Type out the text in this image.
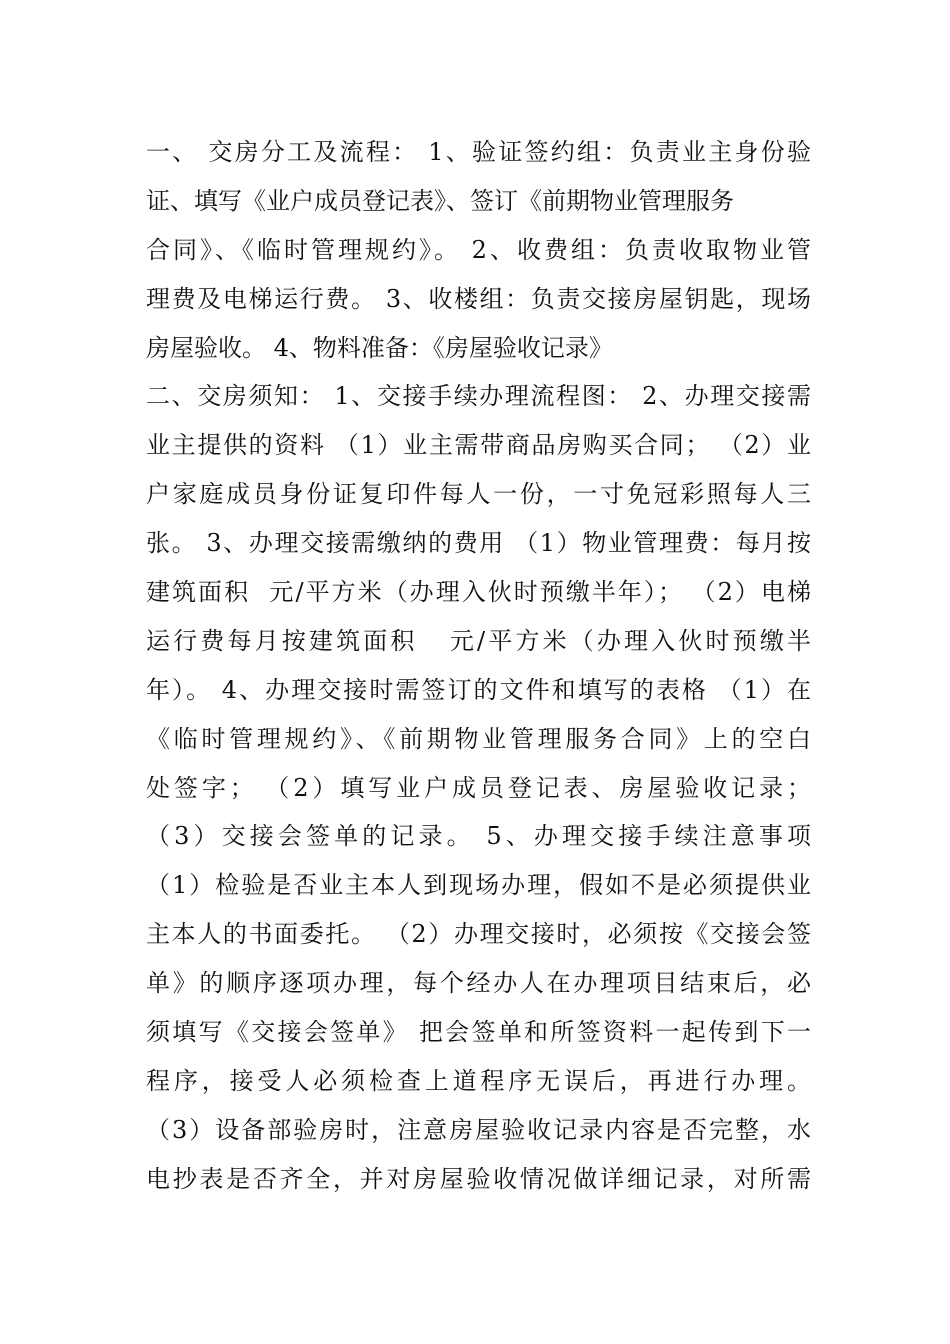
一、 交房分工及流程： 1、验证签约组：负责业主身份验
证、填写《业户成员登记表》、签订《前期物业管理服务
合同》、《临时管理规约》。 2、收费组：负责收取物业管
理费及电梯运行费。 3、收楼组：负责交接房屋钥匙，现场
房屋验收。 4、物料准备：《房屋验收记录》
二、交房须知： 1、交接手续办理流程图： 2、办理交接需
业主提供的资料 （1）业主需带商品房购买合同； （2）业
户家庭成员身份证复印件每人一份，一寸免冠彩照每人三
张。 3、办理交接需缴纳的费用 （1）物业管理费：每月按
建筑面积  元/平方米（办理入伙时预缴半年）； （2）电梯
运行费每月按建筑面积   元/平方米（办理入伙时预缴半
年）。 4、办理交接时需签订的文件和填写的表格 （1）在
《临时管理规约》、《前期物业管理服务合同》上的空白
处签字； （2）填写业户成员登记表、房屋验收记录；
（3）交接会签单的记录。 5、办理交接手续注意事项
（1）检验是否业主本人到现场办理，假如不是必须提供业
主本人的书面委托。 （2）办理交接时，必须按《交接会签
单》的顺序逐项办理，每个经办人在办理项目结束后，必
须填写《交接会签单》 把会签单和所签资料一起传到下一
程序，接受人必须检查上道程序无误后，再进行办理。
（3）设备部验房时，注意房屋验收记录内容是否完整，水
电抄表是否齐全，并对房屋验收情况做详细记录，对所需
